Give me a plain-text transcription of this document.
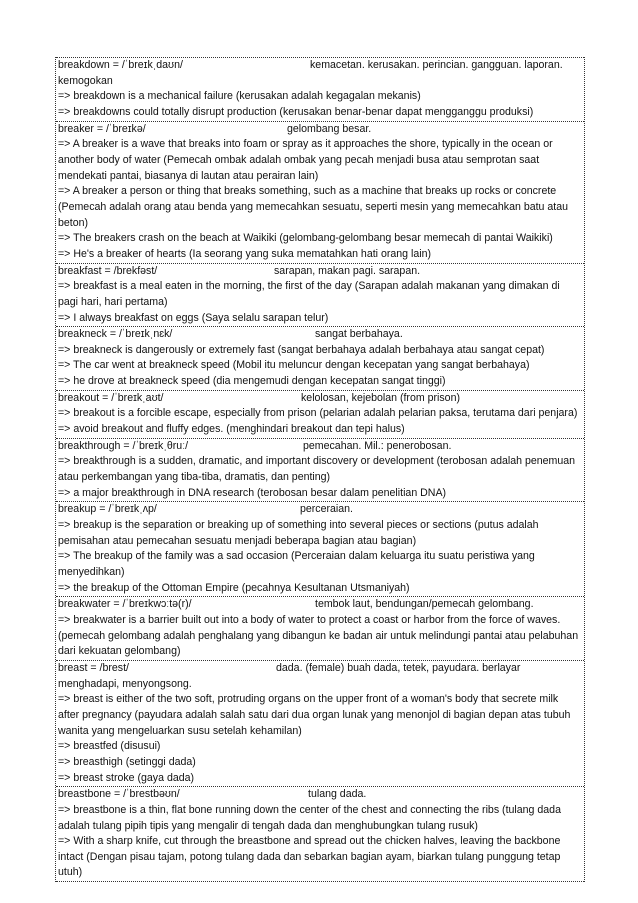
breakdown = /ˈbreɪkˌdaʊn/	kemacetan. kerusakan. perincian. gangguan. laporan. kemogokan
=> breakdown is a mechanical failure (kerusakan adalah kegagalan mekanis)
=> breakdowns could totally disrupt production (kerusakan benar-benar dapat mengganggu produksi)
breaker = /ˈbreɪkə/	gelombang besar.
=> A breaker is a wave that breaks into foam or spray as it approaches the shore, typically in the ocean or another body of water (Pemecah ombak adalah ombak yang pecah menjadi busa atau semprotan saat mendekati pantai, biasanya di lautan atau perairan lain)
=> A breaker a person or thing that breaks something, such as a machine that breaks up rocks or concrete (Pemecah adalah orang atau benda yang memecahkan sesuatu, seperti mesin yang memecahkan batu atau beton)
=> The breakers crash on the beach at Waikiki (gelombang-gelombang besar memecah di pantai Waikiki)
=> He's a breaker of hearts (Ia seorang yang suka mematahkan hati orang lain)
breakfast = /brekfəst/	sarapan, makan pagi. sarapan.
=> breakfast is a meal eaten in the morning, the first of the day (Sarapan adalah makanan yang dimakan di pagi hari, hari pertama)
=> I always breakfast on eggs (Saya selalu sarapan telur)
breakneck = /ˈbreɪkˌnɛk/	sangat berbahaya.
=> breakneck is dangerously or extremely fast (sangat berbahaya adalah berbahaya atau sangat cepat)
=> The car went at breakneck speed (Mobil itu meluncur dengan kecepatan yang sangat berbahaya)
=> he drove at breakneck speed (dia mengemudi dengan kecepatan sangat tinggi)
breakout = /ˈbreɪkˌaʊt/	kelolosan, kejebolan (from prison)
=> breakout is a forcible escape, especially from prison (pelarian adalah pelarian paksa, terutama dari penjara)
=> avoid breakout and fluffy edges. (menghindari breakout dan tepi halus)
breakthrough = /ˈbreɪkˌθruː/	pemecahan. Mil.: penerobosan.
=> breakthrough is a sudden, dramatic, and important discovery or development (terobosan adalah penemuan atau perkembangan yang tiba-tiba, dramatis, dan penting)
=> a major breakthrough in DNA research (terobosan besar dalam penelitian DNA)
breakup = /ˈbreɪkˌʌp/	perceraian.
=> breakup is the separation or breaking up of something into several pieces or sections (putus adalah pemisahan atau pemecahan sesuatu menjadi beberapa bagian atau bagian)
=> The breakup of the family was a sad occasion (Perceraian dalam keluarga itu suatu peristiwa yang menyedihkan)
=> the breakup of the Ottoman Empire (pecahnya Kesultanan Utsmaniyah)
breakwater = /ˈbreɪkwɔːtə(r)/	tembok laut, bendungan/pemecah gelombang.
=> breakwater is a barrier built out into a body of water to protect a coast or harbor from the force of waves. (pemecah gelombang adalah penghalang yang dibangun ke badan air untuk melindungi pantai atau pelabuhan dari kekuatan gelombang)
breast = /brest/	dada. (female) buah dada, tetek, payudara. berlayar menghadapi, menyongsong.
=> breast is either of the two soft, protruding organs on the upper front of a woman's body that secrete milk after pregnancy (payudara adalah salah satu dari dua organ lunak yang menonjol di bagian depan atas tubuh wanita yang mengeluarkan susu setelah kehamilan)
=> breastfed (disusui)
=> breasthigh (setinggi dada)
=> breast stroke (gaya dada)
breastbone = /ˈbrestbəʊn/	tulang dada.
=> breastbone is a thin, flat bone running down the center of the chest and connecting the ribs (tulang dada adalah tulang pipih tipis yang mengalir di tengah dada dan menghubungkan tulang rusuk)
=> With a sharp knife, cut through the breastbone and spread out the chicken halves, leaving the backbone intact (Dengan pisau tajam, potong tulang dada dan sebarkan bagian ayam, biarkan tulang punggung tetap utuh)
